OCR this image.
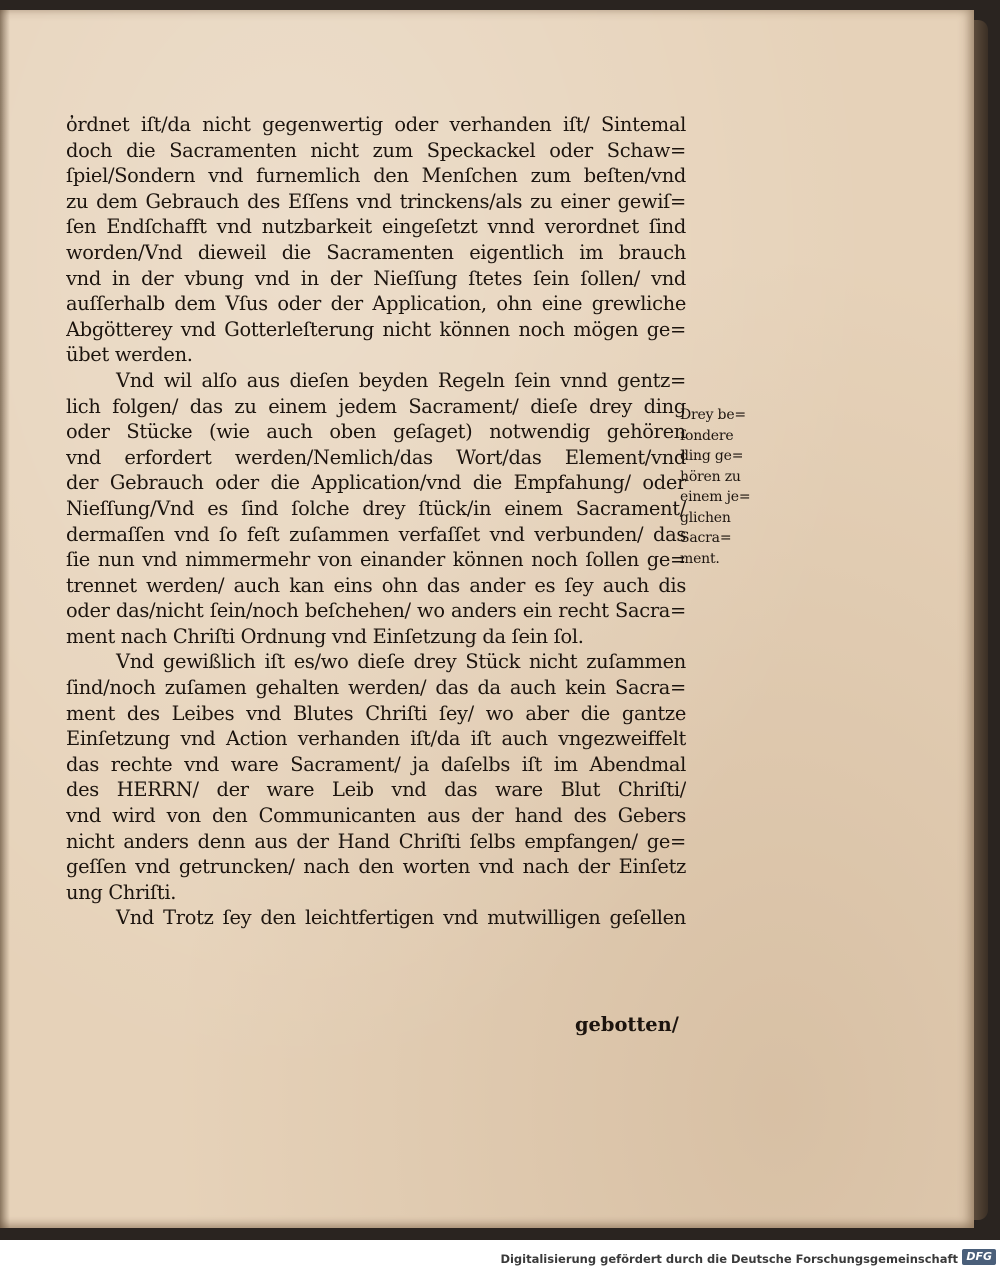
o̓rdnet iſt/da nicht gegenwertig oder verhanden iſt/ Sintemal
doch die Sacramenten nicht zum Speckackel oder Schaw=
ſpiel/Sondern vnd furnemlich den Menſchen zum beſten/vnd
zu dem Gebrauch des Eſſens vnd trinckens/als zu einer gewiſ=
ſen Endſchafft vnd nutzbarkeit eingeſetzt vnnd verordnet ſind
worden/Vnd dieweil die Sacramenten eigentlich im brauch
vnd in der vbung vnd in der Nieſſung ſtetes ſein ſollen/ vnd
auſſerhalb dem Vſus oder der Application, ohn eine grewliche
Abgötterey vnd Gotterleſterung nicht können noch mögen ge=
übet werden.
Vnd wil alſo aus dieſen beyden Regeln ſein vnnd gentz=
lich folgen/ das zu einem jedem Sacrament/ dieſe drey ding
oder Stücke (wie auch oben geſaget) notwendig gehören
vnd erfordert werden/Nemlich/das Wort/das Element/vnd
der Gebrauch oder die Application/vnd die Empfahung/ oder
Nieſſung/Vnd es ſind ſolche drey ſtück/in einem Sacrament/
dermaſſen vnd ſo feſt zuſammen verfaſſet vnd verbunden/ das
ſie nun vnd nimmermehr von einander können noch ſollen ge=
trennet werden/ auch kan eins ohn das ander es ſey auch dis
oder das/nicht ſein/noch beſchehen/ wo anders ein recht Sacra=
ment nach Chriſti Ordnung vnd Einſetzung da ſein ſol.
Vnd gewißlich iſt es/wo dieſe drey Stück nicht zuſammen
ſind/noch zuſamen gehalten werden/ das da auch kein Sacra=
ment des Leibes vnd Blutes Chriſti ſey/ wo aber die gantze
Einſetzung vnd Action verhanden iſt/da iſt auch vngezweiffelt
das rechte vnd ware Sacrament/ ja daſelbs iſt im Abendmal
des HERRN/ der ware Leib vnd das ware Blut Chriſti/
vnd wird von den Communicanten aus der hand des Gebers
nicht anders denn aus der Hand Chriſti ſelbs empfangen/ ge=
geſſen vnd getruncken/ nach den worten vnd nach der Einſetz
ung Chriſti.
Vnd Trotz ſey den leichtfertigen vnd mutwilligen geſellen
gebotten/
Drey be=
ſondere
ding ge=
hören zu
einem je=
glichen
Sacra=
ment.
Digitalisierung gefördert durch die Deutsche Forschungsgemeinschaft DFG
